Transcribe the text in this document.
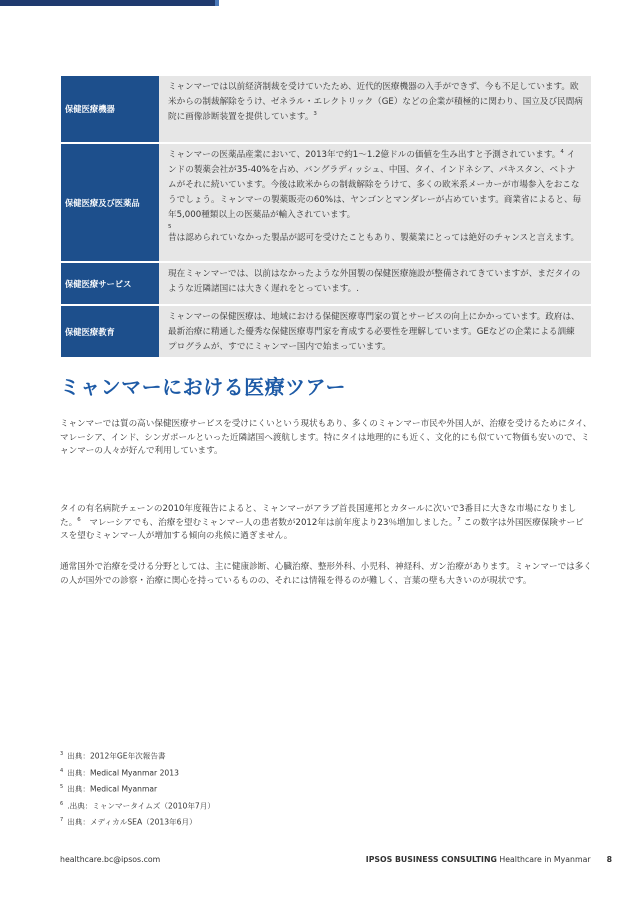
保健医療機器
ミャンマーでは以前経済制裁を受けていたため、近代的医療機器の入手ができず、今も不足しています。欧米からの制裁解除をうけ、ゼネラル・エレクトリック（GE）などの企業が積極的に関わり、国立及び民間病院に画像診断装置を提供しています。$^3$
保健医療及び医薬品
ミャンマーの医薬品産業において、2013年で約1〜1.2億ドルの価値を生み出すと予測されています。$^4$ インドの製薬会社が35-40%を占め、バングラディッシュ、中国、タイ、インドネシア、パキスタン、ベトナムがそれに続いています。今後は欧米からの制裁解除をうけて、多くの欧米系メーカーが市場参入をおこなうでしょう。ミャンマーの製薬販売の60%は、ヤンゴンとマンダレーが占めています。商業省によると、毎年5,000種類以上の医薬品が輸入されています。
5
昔は認められていなかった製品が認可を受けたこともあり、製薬業にとっては絶好のチャンスと言えます。
保健医療サービス
現在ミャンマーでは、以前はなかったような外国製の保健医療施設が整備されてきていますが、まだタイのような近隣諸国には大きく遅れをとっています。.
保健医療教育
ミャンマーの保健医療は、地域における保健医療専門家の質とサービスの向上にかかっています。政府は、最新治療に精通した優秀な保健医療専門家を育成する必要性を理解しています。GEなどの企業による訓練プログラムが、すでにミャンマー国内で始まっています。
ミャンマーにおける医療ツアー
ミャンマーでは質の高い保健医療サービスを受けにくいという現状もあり、多くのミャンマー市民や外国人が、治療を受けるためにタイ、マレーシア、インド、シンガポールといった近隣諸国へ渡航します。特にタイは地理的にも近く、文化的にも似ていて物価も安いので、ミャンマーの人々が好んで利用しています。
タイの有名病院チェーンの2010年度報告によると、ミャンマーがアラブ首長国連邦とカタールに次いで3番目に大きな市場になりました。$^6$　 マレーシアでも、治療を望むミャンマー人の患者数が2012年は前年度より23％増加しました。$^7$ この数字は外国医療保険サービスを望むミャンマー人が増加する傾向の兆候に過ぎません。
通常国外で治療を受ける分野としては、主に健康診断、心臓治療、整形外科、小児科、神経科、ガン治療があります。ミャンマーでは多くの人が国外での診察・治療に関心を持っているものの、それには情報を得るのが難しく、言葉の壁も大きいのが現状です。
$^3$ 出典：2012年GE年次報告書
$^4$ 出典：Medical Myanmar 2013
$^5$ 出典：Medical Myanmar
$^6$ .出典：ミャンマータイムズ（2010年7月）
$^7$ 出典：メディカルSEA（2013年6月）
healthcare.bc@ipsos.com	IPSOS BUSINESS CONSULTING Healthcare in Myanmar 8
